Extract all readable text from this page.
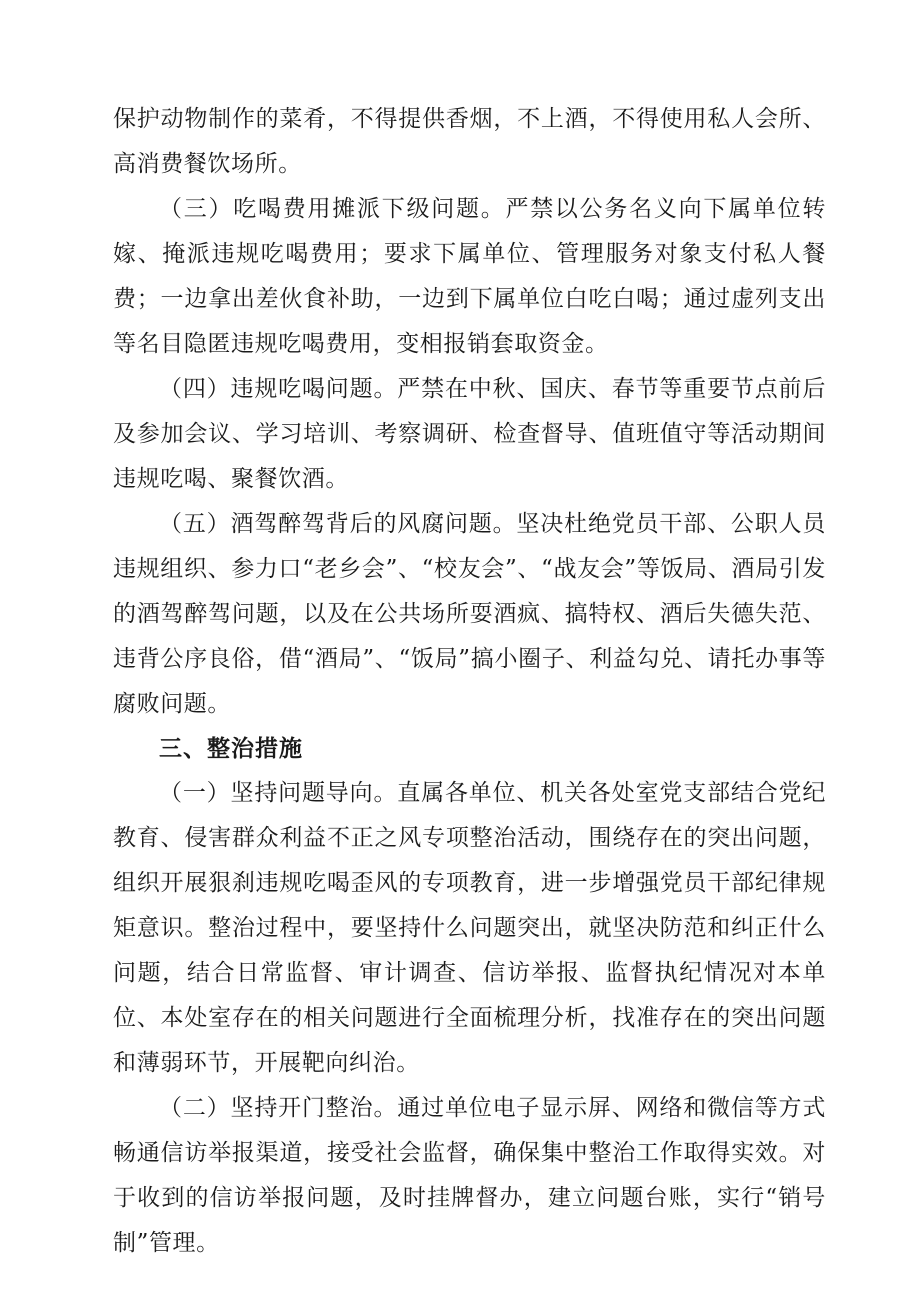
保护动物制作的菜肴，不得提供香烟，不上酒，不得使用私人会所、高消费餐饮场所。

（三）吃喝费用摊派下级问题。严禁以公务名义向下属单位转嫁、掩派违规吃喝费用；要求下属单位、管理服务对象支付私人餐费；一边拿出差伙食补助，一边到下属单位白吃白喝；通过虚列支出等名目隐匿违规吃喝费用，变相报销套取资金。

（四）违规吃喝问题。严禁在中秋、国庆、春节等重要节点前后及参加会议、学习培训、考察调研、检查督导、值班值守等活动期间违规吃喝、聚餐饮酒。

（五）酒驾醉驾背后的风腐问题。坚决杜绝党员干部、公职人员违规组织、参力口“老乡会”、“校友会”、“战友会”等饭局、酒局引发的酒驾醉驾问题，以及在公共场所耍酒疯、搞特权、酒后失德失范、违背公序良俗，借“酒局”、“饭局”搞小圈子、利益勾兑、请托办事等腐败问题。

三、整治措施

（一）坚持问题导向。直属各单位、机关各处室党支部结合党纪教育、侵害群众利益不正之风专项整治活动，围绕存在的突出问题，组织开展狠刹违规吃喝歪风的专项教育，进一步增强党员干部纪律规矩意识。整治过程中，要坚持什么问题突出，就坚决防范和纠正什么问题，结合日常监督、审计调查、信访举报、监督执纪情况对本单位、本处室存在的相关问题进行全面梳理分析，找准存在的突出问题和薄弱环节，开展靶向纠治。

（二）坚持开门整治。通过单位电子显示屏、网络和微信等方式畅通信访举报渠道，接受社会监督，确保集中整治工作取得实效。对于收到的信访举报问题，及时挂牌督办，建立问题台账，实行“销号制”管理。
